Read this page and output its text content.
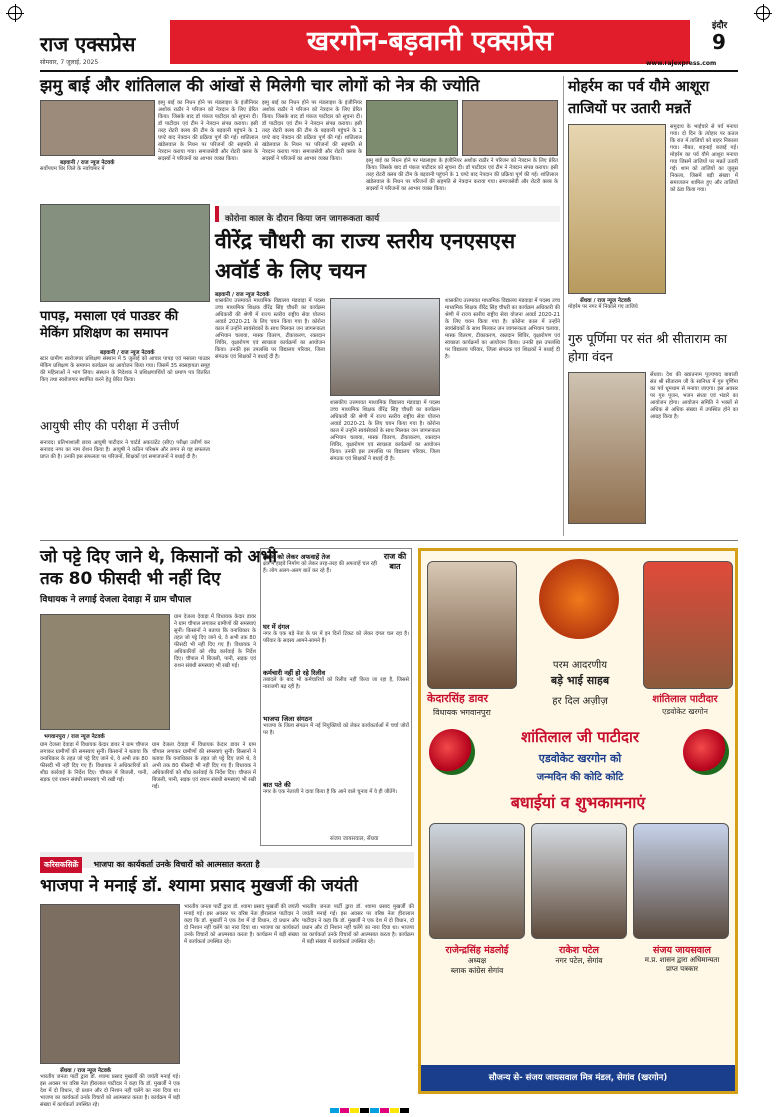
राज एक्सप्रेस
सोमवार, 7 जुलाई, 2025
खरगोन-बड़वानी एक्सप्रेस	इंदौर
9
www.rajexpress.com
झमु बाई और शांतिलाल की आंखों से मिलेगी चार लोगों को नेत्र की ज्योति
बड़वानी / राज न्यूज नेटवर्क
सर्वोपयम धिर जिले के नर्वाचमार में
झमु बाई का निधन होने पर मंडलाइश के इंजीनियर अशोक राठौर ने परिजन को नेत्रदान के लिए प्रेरित किया। जिसके बाद डॉ पंकज पाटीदार को सूचना दी। डॉ पाटीदार एवं टीम ने नेत्रदान संपन्न कराया। इसी तरह रोटरी क्लब की टीम के बड़वानी पहुंचने के 1 घण्टे बाद नेत्रदान की प्रक्रिया पूर्ण की गई। शांतिलाल खंडेलवाल के निधन पर परिजनों की सहमति से नेत्रदान कराया गया। समाजसेवी और रोटरी क्लब के सदस्यों ने परिजनों का आभार व्यक्त किया।
झमु बाई का निधन होने पर मंडलाइश के इंजीनियर अशोक राठौर ने परिजन को नेत्रदान के लिए प्रेरित किया। जिसके बाद डॉ पंकज पाटीदार को सूचना दी। डॉ पाटीदार एवं टीम ने नेत्रदान संपन्न कराया। इसी तरह रोटरी क्लब की टीम के बड़वानी पहुंचने के 1 घण्टे बाद नेत्रदान की प्रक्रिया पूर्ण की गई। शांतिलाल खंडेलवाल के निधन पर परिजनों की सहमति से नेत्रदान कराया गया। समाजसेवी और रोटरी क्लब के सदस्यों ने परिजनों का आभार व्यक्त किया।	झमु बाई का निधन होने पर मंडलाइश के इंजीनियर अशोक राठौर ने परिजन को नेत्रदान के लिए प्रेरित किया। जिसके बाद डॉ पंकज पाटीदार को सूचना दी। डॉ पाटीदार एवं टीम ने नेत्रदान संपन्न कराया। इसी तरह रोटरी क्लब की टीम के बड़वानी पहुंचने के 1 घण्टे बाद नेत्रदान की प्रक्रिया पूर्ण की गई। शांतिलाल खंडेलवाल के निधन पर परिजनों की सहमति से नेत्रदान कराया गया। समाजसेवी और रोटरी क्लब के सदस्यों ने परिजनों का आभार व्यक्त किया।
मोहर्रम का पर्व यौमे आशूरा ताजियों पर उतारी मन्नतें
सेंधवा / राज न्यूज नेटवर्क
मोहर्रम पर नगर में निकाले गए ताजिये
समुदाय के भाईचारे से पर्व मनाया गया। दो दिन के त्योहार पर कतल कि रात में ताजियों को बाहर निकाला गया। नौबत, शहनाई बजाई गई। मोहर्रम का पर्व यौमे आशूरा मनाया गया जिसमें ताजियों पर मन्नतें उतारी गईं। शाम को ताजियों का जुलूस निकला, जिसमें बड़ी संख्या में समाजजन शामिल हुए और ताजियों को ठंडा किया गया।
गुरु पूर्णिमा पर संत श्री सीताराम का होगा वंदन
सेंधवा। देश की ख्यातनाम पूज्यपाद बाबाजी संत श्री सीताराम जी के सानिध्य में गुरु पूर्णिमा का पर्व धूमधाम से मनाया जाएगा। इस अवसर पर गुरु पूजन, भजन संध्या एवं भंडारे का आयोजन होगा। आयोजन समिति ने भक्तों से अधिक से अधिक संख्या में उपस्थित होने का आग्रह किया है।
पापड़, मसाला एवं पाउडर की मेकिंग प्रशिक्षण का समापन
बड़वानी / राज न्यूज नेटवर्क
स्टार ग्रामीण स्वरोजगार प्रशिक्षण संस्थान में 5 जुलाई को आचार पापड़ एवं मसाला पाउडर मेकिंग प्रशिक्षण के समापन कार्यक्रम का आयोजन किया गया। जिसमें 35 स्वसहायता समूह की महिलाओं ने भाग लिया। संस्थान के निदेशक ने प्रशिक्षणार्थियों को प्रमाण पत्र वितरित किए तथा स्वरोजगार स्थापित करने हेतु प्रेरित किया।
आयुषी सीए की परीक्षा में उत्तीर्ण
सनावद। प्रतिभाशाली छात्रा आयुषी पाटीदार ने चार्टर्ड अकाउंटेंट (सीए) परीक्षा उत्तीर्ण कर सनावद नगर का नाम रोशन किया है। आयुषी ने कठिन परिश्रम और लगन से यह सफलता प्राप्त की है। उनकी इस सफलता पर परिजनों, शिक्षकों एवं समाजजनों ने बधाई दी है।
कोरोना काल के दौरान किया जन जागरूकता कार्य
वीरेंद्र चौधरी का राज्य स्तरीय एनएसएस अवॉर्ड के लिए चयन
बड़वानी / राज न्यूज नेटवर्क
शासकीय उत्तमावत माध्यमिक विद्यालय मंडवाड़ा में पदस्थ उच्च माध्यमिक शिक्षक वीरेंद्र सिंह चौधरी का कार्यक्रम अधिकारी की श्रेणी में राज्य स्तरीय राष्ट्रीय सेवा योजना अवार्ड 2020-21 के लिए चयन किया गया है। कोरोना काल में उन्होंने स्वयंसेवकों के साथ मिलकर जन जागरूकता अभियान चलाया, मास्क वितरण, टीकाकरण, रक्तदान शिविर, वृक्षारोपण एवं स्वच्छता कार्यक्रमों का आयोजन किया। उनकी इस उपलब्धि पर विद्यालय परिवार, जिला संगठक एवं शिक्षकों ने बधाई दी है।
शासकीय उत्तमावत माध्यमिक विद्यालय मंडवाड़ा में पदस्थ उच्च माध्यमिक शिक्षक वीरेंद्र सिंह चौधरी का कार्यक्रम अधिकारी की श्रेणी में राज्य स्तरीय राष्ट्रीय सेवा योजना अवार्ड 2020-21 के लिए चयन किया गया है। कोरोना काल में उन्होंने स्वयंसेवकों के साथ मिलकर जन जागरूकता अभियान चलाया, मास्क वितरण, टीकाकरण, रक्तदान शिविर, वृक्षारोपण एवं स्वच्छता कार्यक्रमों का आयोजन किया। उनकी इस उपलब्धि पर विद्यालय परिवार, जिला संगठक एवं शिक्षकों ने बधाई दी है।
शासकीय उत्तमावत माध्यमिक विद्यालय मंडवाड़ा में पदस्थ उच्च माध्यमिक शिक्षक वीरेंद्र सिंह चौधरी का कार्यक्रम अधिकारी की श्रेणी में राज्य स्तरीय राष्ट्रीय सेवा योजना अवार्ड 2020-21 के लिए चयन किया गया है। कोरोना काल में उन्होंने स्वयंसेवकों के साथ मिलकर जन जागरूकता अभियान चलाया, मास्क वितरण, टीकाकरण, रक्तदान शिविर, वृक्षारोपण एवं स्वच्छता कार्यक्रमों का आयोजन किया। उनकी इस उपलब्धि पर विद्यालय परिवार, जिला संगठक एवं शिक्षकों ने बधाई दी है।
जो पट्टे दिए जाने थे, किसानों को अभी तक 80 फीसदी भी नहीं दिए
विधायक ने लगाई देजला देवाड़ा में ग्राम चौपाल
भगवानपुरा / राज न्यूज नेटवर्क
ग्राम देजला देवाड़ा में विधायक केदार डावर ने ग्राम चौपाल लगाकर ग्रामीणों की समस्याएं सुनीं। किसानों ने बताया कि वनाधिकार के तहत जो पट्टे दिए जाने थे, वे अभी तक 80 फीसदी भी नहीं दिए गए हैं। विधायक ने अधिकारियों को शीघ्र कार्रवाई के निर्देश दिए। चौपाल में बिजली, पानी, सड़क एवं राशन संबंधी समस्याएं भी रखी गईं।
ग्राम देजला देवाड़ा में विधायक केदार डावर ने ग्राम चौपाल लगाकर ग्रामीणों की समस्याएं सुनीं। किसानों ने बताया कि वनाधिकार के तहत जो पट्टे दिए जाने थे, वे अभी तक 80 फीसदी भी नहीं दिए गए हैं। विधायक ने अधिकारियों को शीघ्र कार्रवाई के निर्देश दिए। चौपाल में बिजली, पानी, सड़क एवं राशन संबंधी समस्याएं भी रखी गईं।
ग्राम देजला देवाड़ा में विधायक केदार डावर ने ग्राम चौपाल लगाकर ग्रामीणों की समस्याएं सुनीं। किसानों ने बताया कि वनाधिकार के तहत जो पट्टे दिए जाने थे, वे अभी तक 80 फीसदी भी नहीं दिए गए हैं। विधायक ने अधिकारियों को शीघ्र कार्रवाई के निर्देश दिए। चौपाल में बिजली, पानी, सड़क एवं राशन संबंधी समस्याएं भी रखी गईं।
राज की बात
हाइवे को लेकर अफवाहें तेज
क्षेत्र में हाइवे निर्माण को लेकर तरह-तरह की अफवाहें चल रही हैं। लोग अलग-अलग बातें कर रहे हैं।
घर में दंगल
नगर के एक बड़े नेता के घर में इन दिनों टिकट को लेकर दंगल चल रहा है। परिवार के सदस्य आमने-सामने हैं।
कर्मचारी नहीं हो रहे रिलीव
तबादले के बाद भी कर्मचारियों को रिलीव नहीं किया जा रहा है, जिससे नाराजगी बढ़ रही है।
भाजपा जिला संगठन
भाजपा के जिला संगठन में नई नियुक्तियों को लेकर कार्यकर्ताओं में चर्चा जोरों पर है।
बात पते की
नगर के एक नेताजी ने दावा किया है कि आने वाले चुनाव में वे ही जीतेंगे।
संजय जायसवाल, सेंधवा
केदारसिंह डावर
विधायक भगवानपुरा
परम आदरणीय
बड़े भाई साहब
हर दिल अज़ीज़	शांतिलाल पाटीदार
एडवोकेट खरगोन
शांतिलाल जी पाटीदार
एडवोकेट खरगोन को
जन्मदिन की कोटि कोटि
बधाईयां व शुभकामनाएं
राजेन्द्रसिंह मंडलोई
अध्यक्ष
ब्लाक कांग्रेस सेगांव
राकेश पटेल
नगर पटेल, सेगांव
संजय जायसवाल
म.प्र. शासन द्वारा अधिमान्यता
प्राप्त पत्रकार
सौजन्य से- संजय जायसवाल मित्र मंडल, सेगांव (खरगोन)
करिसकसिक्रें भाजपा का कार्यकर्ता उनके विचारों को आत्मसात करता है
भाजपा ने मनाई डॉ. श्यामा प्रसाद मुखर्जी की जयंती
सेंधवा / राज न्यूज नेटवर्क
भारतीय जनता पार्टी द्वारा डॉ. श्यामा प्रसाद मुखर्जी की जयंती मनाई गई। इस अवसर पर वरिष्ठ नेता हीरालाल पाटीदार ने कहा कि डॉ. मुखर्जी ने एक देश में दो विधान, दो प्रधान और दो निशान नहीं चलेंगे का नारा दिया था। भाजपा का कार्यकर्ता उनके विचारों को आत्मसात करता है। कार्यक्रम में बड़ी संख्या में कार्यकर्ता उपस्थित रहे।
भारतीय जनता पार्टी द्वारा डॉ. श्यामा प्रसाद मुखर्जी की जयंती मनाई गई। इस अवसर पर वरिष्ठ नेता हीरालाल पाटीदार ने कहा कि डॉ. मुखर्जी ने एक देश में दो विधान, दो प्रधान और दो निशान नहीं चलेंगे का नारा दिया था। भाजपा का कार्यकर्ता उनके विचारों को आत्मसात करता है। कार्यक्रम में बड़ी संख्या में कार्यकर्ता उपस्थित रहे।
भारतीय जनता पार्टी द्वारा डॉ. श्यामा प्रसाद मुखर्जी की जयंती मनाई गई। इस अवसर पर वरिष्ठ नेता हीरालाल पाटीदार ने कहा कि डॉ. मुखर्जी ने एक देश में दो विधान, दो प्रधान और दो निशान नहीं चलेंगे का नारा दिया था। भाजपा का कार्यकर्ता उनके विचारों को आत्मसात करता है। कार्यक्रम में बड़ी संख्या में कार्यकर्ता उपस्थित रहे।
